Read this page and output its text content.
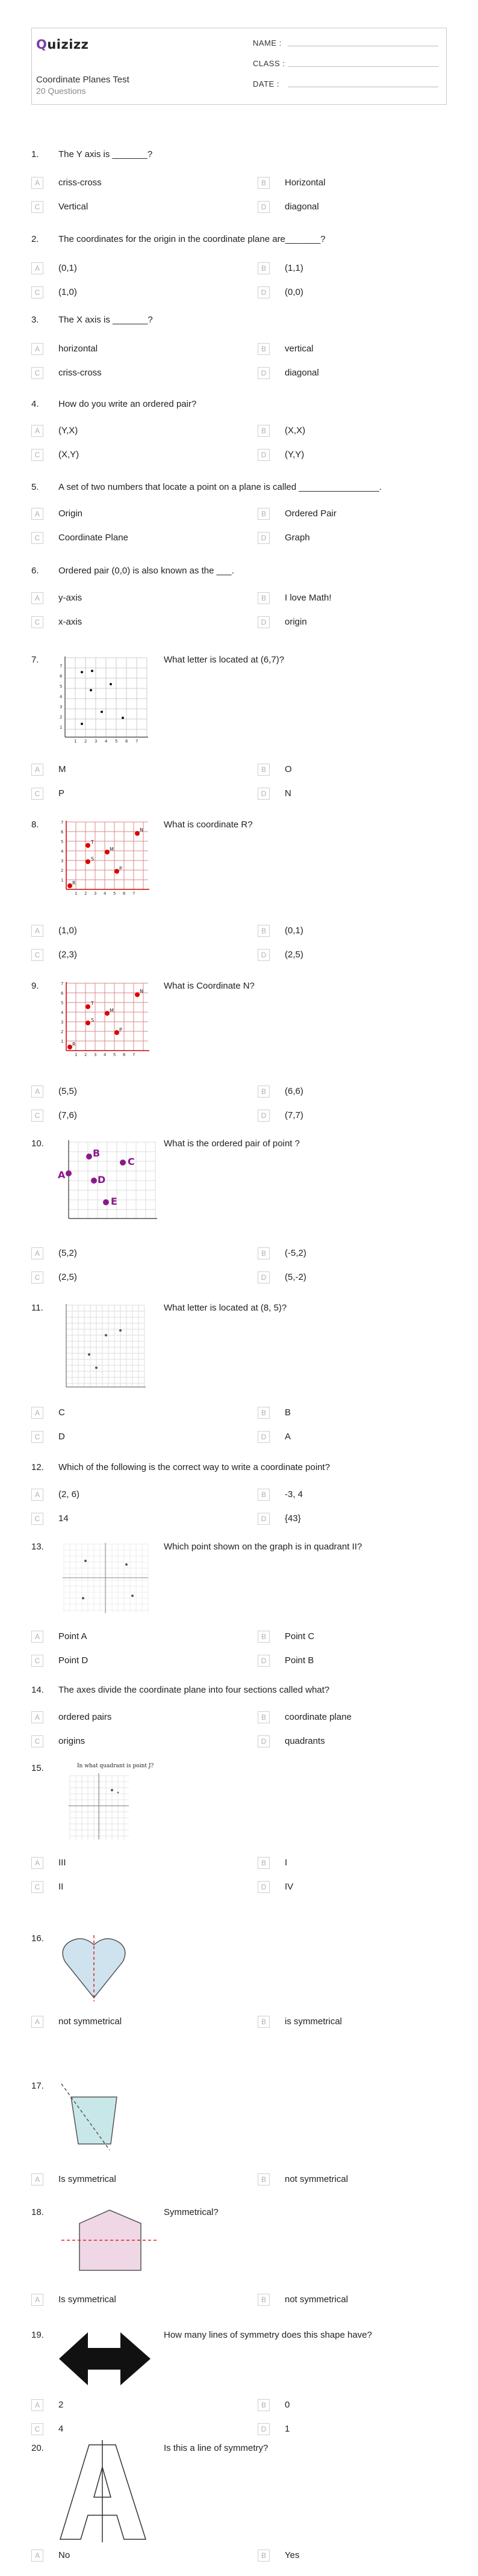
Quizizz
Coordinate Planes Test
20 Questions
NAME :
CLASS :
DATE :
1. The Y axis is _______?
A	criss-cross	B	Horizontal
C	Vertical	D	diagonal
2. The coordinates for the origin in the coordinate plane are_______?
A	(0,1)	B	(1,1)
C	(1,0)	D	(0,0)
3. The X axis is _______?
A	horizontal	B	vertical
C	criss-cross	D	diagonal
4. How do you write an ordered pair?
A	(Y,X)	B	(X,X)
C	(X,Y)	D	(Y,Y)
5. A set of two numbers that locate a point on a plane is called ________________.
A	Origin	B	Ordered Pair
C	Coordinate Plane	D	Graph
6. Ordered pair (0,0) is also known as the ___.
A	y-axis	B	I love Math!
C	x-axis	D	origin
7.	What letter is located at (6,7)?
A	M	B	O
C	P	D	N
8.	What is coordinate R?
A	(1,0)	B	(0,1)
C	(2,3)	D	(2,5)
9.	What is Coordinate N?
A	(5,5)	B	(6,6)
C	(7,6)	D	(7,7)
10.	What is the ordered pair of point ?
A	(5,2)	B	(-5,2)
C	(2,5)	D	(5,-2)
11.	What letter is located at (8, 5)?
A	C	B	B
C	D	D	A
12. Which of the following is the correct way to write a coordinate point?
A	(2, 6)	B	-3, 4
C	14	D	{43}
13.	Which point shown on the graph is in quadrant II?
A	Point A	B	Point C
C	Point D	D	Point B
14. The axes divide the coordinate plane into four sections called what?
A	ordered pairs	B	coordinate plane
C	origins	D	quadrants
15.
A	III	B	I
C	II	D	IV
16.
A	not symmetrical	B	is symmetrical
17.
A	Is symmetrical	B	not symmetrical
18.	Symmetrical?
A	Is symmetrical	B	not symmetrical
19.	How many lines of symmetry does this shape have?
A	2	B	0
C	4	D	1
20.	Is this a line of symmetry?
A	No	B	Yes
1
1
2
2
3
3
4
4
5
5
6
6
7
7
1
1
2
2
3
3
4
4
5
5
6
6
7
7
R
T
S
M
P
N
1
1
2
2
3
3
4
4
5
5
6
6
7
7
R
T
S
M
P
N
A
B
C
D
E
In what quadrant is point J?
